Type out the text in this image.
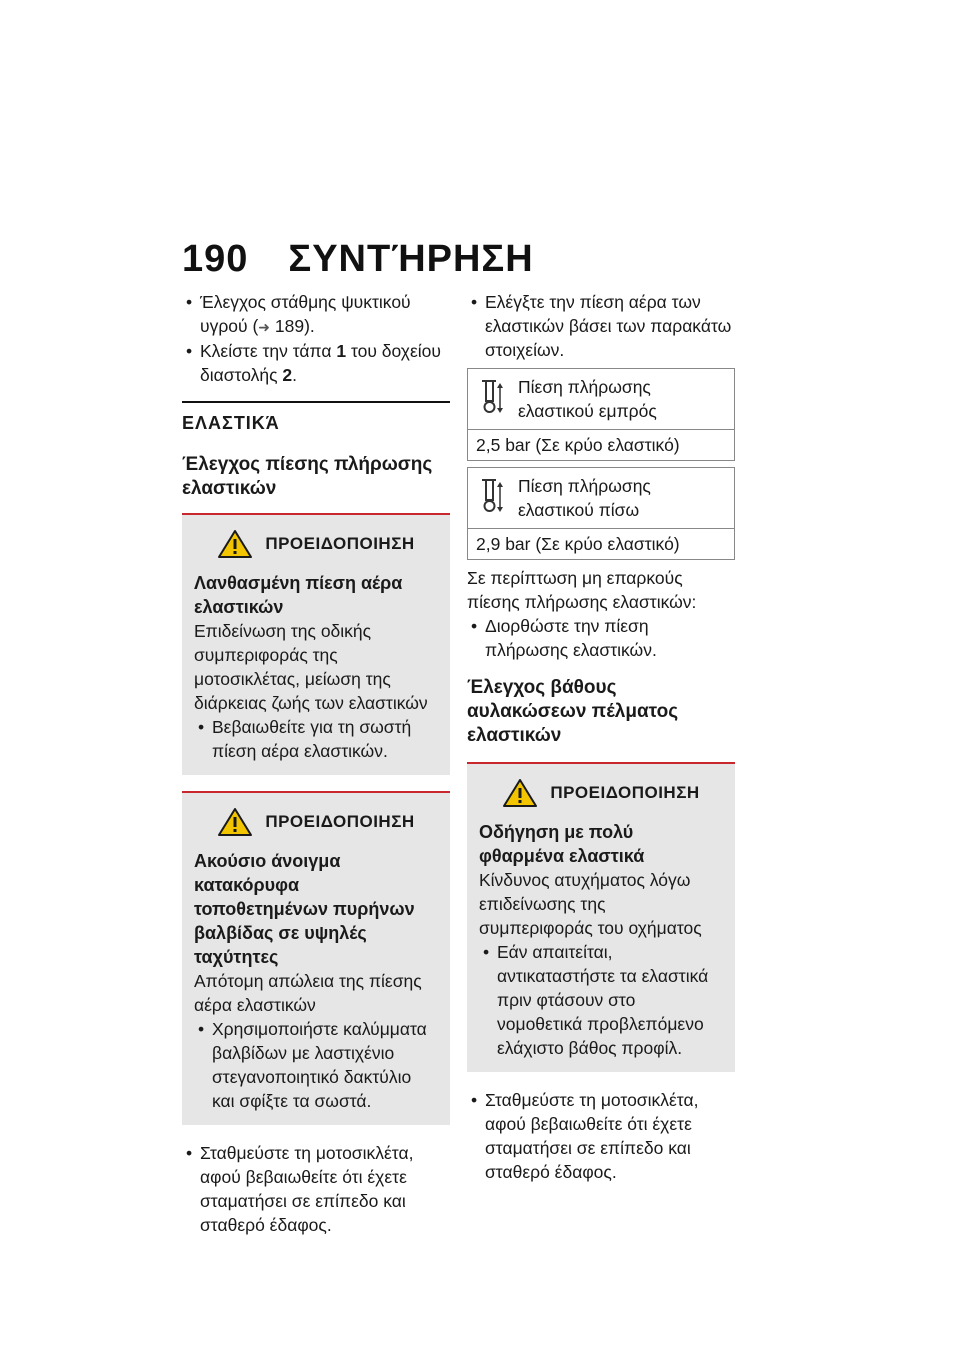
190 ΣΥΝΤΉΡΗΣΗ

• Έλεγχος στάθμης ψυκτικού υγρού (➜ 189).

• Κλείστε την τάπα 1 του δοχείου διαστολής 2.

ΕΛΑΣΤΙΚΆ
Έλεγχος πίεσης πλήρωσης ελαστικών
ΠΡΟΕΙΔΟΠΟΙΗΣΗ
Λανθασμένη πίεση αέρα ελαστικών
Επιδείνωση της οδικής συμπεριφοράς της μοτοσικλέτας, μείωση της διάρκειας ζωής των ελαστικών
• Βεβαιωθείτε για τη σωστή πίεση αέρα ελαστικών.
ΠΡΟΕΙΔΟΠΟΙΗΣΗ
Ακούσιο άνοιγμα κατακόρυφα τοποθετημένων πυρήνων βαλβίδας σε υψηλές ταχύτητες
Απότομη απώλεια της πίεσης αέρα ελαστικών
• Χρησιμοποιήστε καλύμματα βαλβίδων με λαστιχένιο στεγανοποιητικό δακτύλιο και σφίξτε τα σωστά.

• Σταθμεύστε τη μοτοσικλέτα, αφού βεβαιωθείτε ότι έχετε σταματήσει σε επίπεδο και σταθερό έδαφος.

• Ελέγξτε την πίεση αέρα των ελαστικών βάσει των παρακάτω στοιχείων.

Πίεση πλήρωσης ελαστικού εμπρός
2,5 bar (Σε κρύο ελαστικό)
Πίεση πλήρωσης ελαστικού πίσω
2,9 bar (Σε κρύο ελαστικό)

Σε περίπτωση μη επαρκούς πίεσης πλήρωσης ελαστικών:

• Διορθώστε την πίεση πλήρωσης ελαστικών.

Έλεγχος βάθους αυλακώσεων πέλματος ελαστικών
ΠΡΟΕΙΔΟΠΟΙΗΣΗ
Οδήγηση με πολύ φθαρμένα ελαστικά
Κίνδυνος ατυχήματος λόγω επιδείνωσης της συμπεριφοράς του οχήματος
• Εάν απαιτείται, αντικαταστήστε τα ελαστικά πριν φτάσουν στο νομοθετικά προβλεπόμενο ελάχιστο βάθος προφίλ.

• Σταθμεύστε τη μοτοσικλέτα, αφού βεβαιωθείτε ότι έχετε σταματήσει σε επίπεδο και σταθερό έδαφος.
